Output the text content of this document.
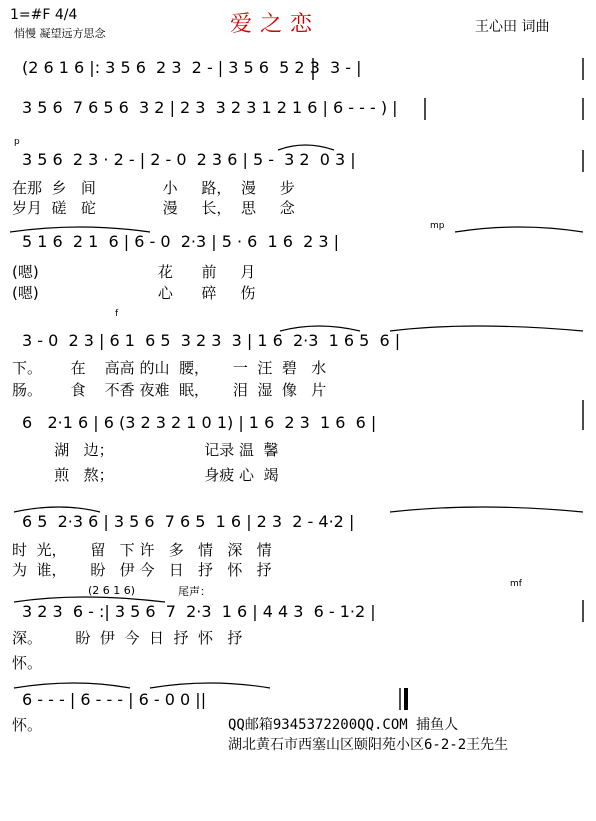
1=#F 4/4
悄慢 凝望远方思念	爱之恋	王心田 词曲
(2 6 1 6 |: 3 5 6  2 3  2 - | 3 5 6  5 2 3  3 - |
3 5 6  7 6 5 6  3 2 | 2 3  3 2 3 1 2 1 6 | 6 - - - ) |
p
3 5 6  2 3 · 2 - | 2 - 0  2 3 6 | 5 -  3 2  0 3 |
在那  乡   间              小     路，  漫     步
岁月  磋   砣              漫     长，  思     念
mp
5 1 6  2 1  6 | 6 - 0  2·3 | 5 · 6  1 6  2 3 |
(嗯)                         花      前     月
(嗯)                         心      碎     伤
f
3 - 0  2 3 | 6 1  6 5  3 2 3  3 | 1 6  2·3  1 6 5  6 |
下。      在    高高 的山  腰，     一  汪  碧   水
肠。      食    不香 夜难  眠，     泪  湿  像   片
6   2·1 6 | 6 (3 2 3 2 1 0 1) | 1 6  2 3  1 6  6 |
湖   边；                   记录 温  馨
煎   熬；                   身疲 心  竭
6 5  2·3 6 | 3 5 6  7 6 5  1 6 | 2 3  2 - 4·2 |
时  光，     留   下 许   多   情   深   情
为  谁，     盼   伊 今   日   抒   怀   抒
(2 6 1 6)	尾声：
mf
3 2 3  6 - :| 3 5 6  7  2·3  1 6 | 4 4 3  6 - 1·2 |
深。       盼  伊  今  日  抒  怀   抒
怀。
6 - - - | 6 - - - | 6 - 0 0 ||
怀。	QQ邮箱9345372200QQ.COM 捕鱼人
湖北黄石市西塞山区颐阳苑小区6-2-2王先生
